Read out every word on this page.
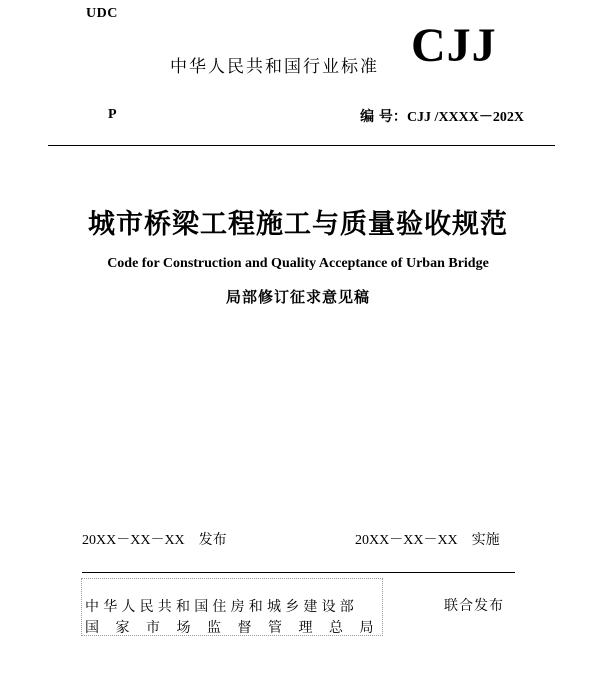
UDC
中华人民共和国行业标准 CJJ
P	编 号：CJJ /XXXX－202X
城市桥梁工程施工与质量验收规范
Code for Construction and Quality Acceptance of Urban Bridge
局部修订征求意见稿
20XX－XX－XX 发布	20XX－XX－XX 实施
中华人民共和国住房和城乡建设部
国家市场监督管理总局
联合发布
